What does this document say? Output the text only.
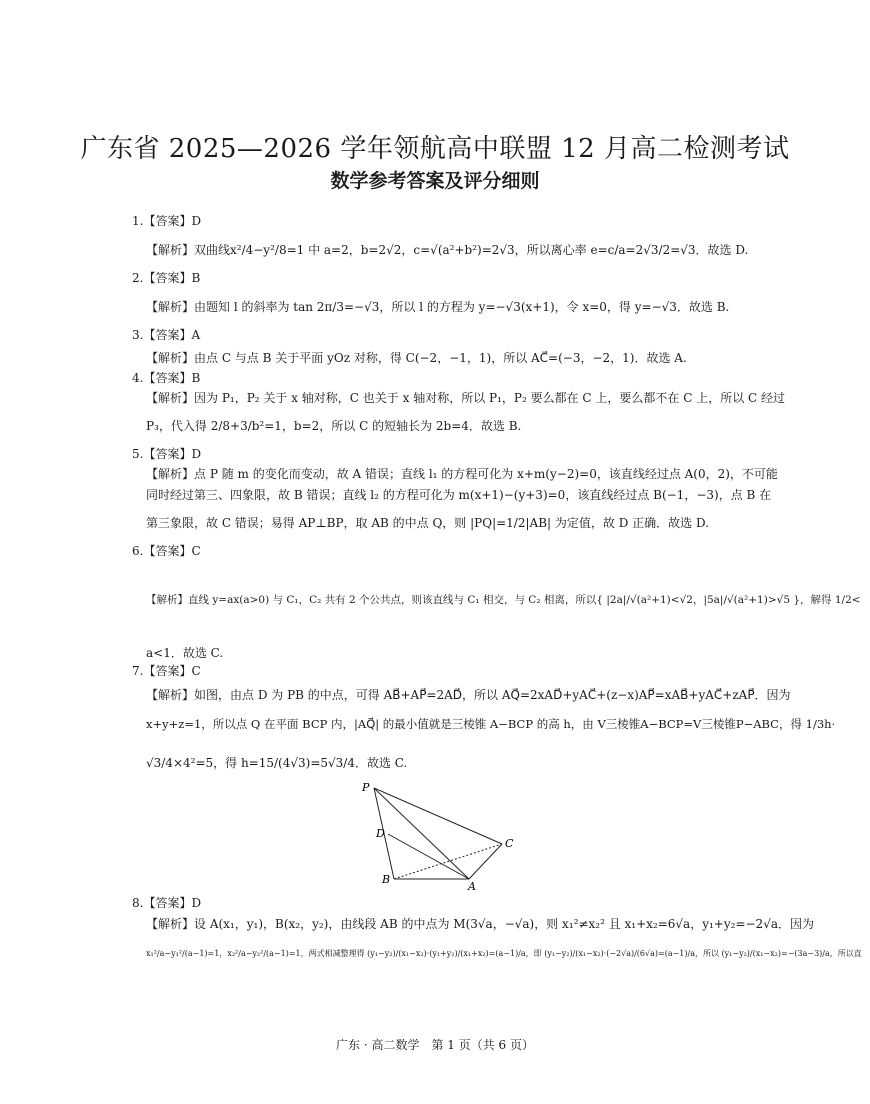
广东省 2025—2026 学年领航高中联盟 12 月高二检测考试
数学参考答案及评分细则
1.【答案】D
【解析】双曲线x²/4−y²/8=1 中 a=2，b=2√2，c=√(a²+b²)=2√3，所以离心率 e=c/a=2√3/2=√3．故选 D.
2.【答案】B
【解析】由题知 l 的斜率为 tan 2π/3=−√3，所以 l 的方程为 y=−√3(x+1)，令 x=0，得 y=−√3．故选 B.
3.【答案】A
【解析】由点 C 与点 B 关于平面 yOz 对称，得 C(−2，−1，1)，所以 AC⃗=(−3，−2，1)．故选 A.
4.【答案】B
【解析】因为 P₁，P₂ 关于 x 轴对称，C 也关于 x 轴对称，所以 P₁，P₂ 要么都在 C 上，要么都不在 C 上，所以 C 经过
P₃，代入得 2/8+3/b²=1，b=2，所以 C 的短轴长为 2b=4．故选 B.
5.【答案】D
【解析】点 P 随 m 的变化而变动，故 A 错误；直线 l₁ 的方程可化为 x+m(y−2)=0，该直线经过点 A(0，2)，不可能
同时经过第三、四象限，故 B 错误；直线 l₂ 的方程可化为 m(x+1)−(y+3)=0，该直线经过点 B(−1，−3)，点 B 在
第三象限，故 C 错误；易得 AP⊥BP，取 AB 的中点 Q，则 |PQ|=1/2|AB| 为定值，故 D 正确．故选 D.
6.【答案】C
【解析】直线 y=ax(a>0) 与 C₁，C₂ 共有 2 个公共点，则该直线与 C₁ 相交，与 C₂ 相离，所以{ |2a|/√(a²+1)<√2，|5a|/√(a²+1)>√5 }，解得 1/2<
a<1．故选 C.
7.【答案】C
【解析】如图，由点 D 为 PB 的中点，可得 AB⃗+AP⃗=2AD⃗，所以 AQ⃗=2xAD⃗+yAC⃗+(z−x)AP⃗=xAB⃗+yAC⃗+zAP⃗．因为
x+y+z=1，所以点 Q 在平面 BCP 内，|AQ⃗| 的最小值就是三棱锥 A−BCP 的高 h，由 V三棱锥A−BCP=V三棱锥P−ABC，得 1/3h·
√3/4×4²=5，得 h=15/(4√3)=5√3/4．故选 C.
8.【答案】D
【解析】设 A(x₁，y₁)，B(x₂，y₂)，由线段 AB 的中点为 M(3√a，−√a)，则 x₁²≠x₂² 且 x₁+x₂=6√a，y₁+y₂=−2√a．因为
x₁²/a−y₁²/(a−1)=1，x₂²/a−y₂²/(a−1)=1，两式相减整理得 (y₁−y₂)/(x₁−x₂)·(y₁+y₂)/(x₁+x₂)=(a−1)/a，即 (y₁−y₂)/(x₁−x₂)·(−2√a)/(6√a)=(a−1)/a，所以 (y₁−y₂)/(x₁−x₂)=−(3a−3)/a，所以直
P
D
C
B
A
广东 · 高二数学　第 1 页（共 6 页）
